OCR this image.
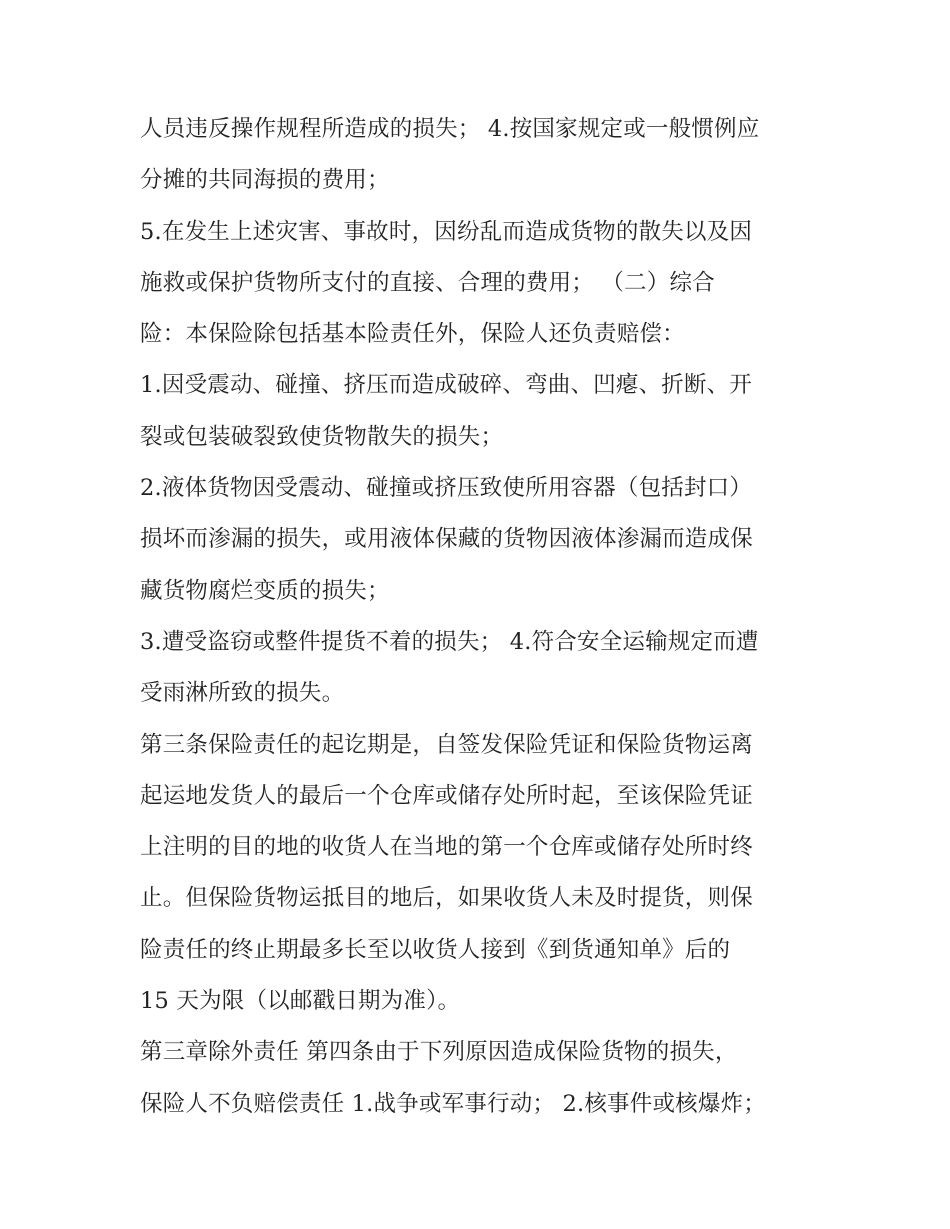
人员违反操作规程所造成的损失； 4.按国家规定或一般惯例应
分摊的共同海损的费用；
5.在发生上述灾害、事故时，因纷乱而造成货物的散失以及因
施救或保护货物所支付的直接、合理的费用； （二）综合
险：本保险除包括基本险责任外，保险人还负责赔偿：
1.因受震动、碰撞、挤压而造成破碎、弯曲、凹瘪、折断、开
裂或包装破裂致使货物散失的损失；
2.液体货物因受震动、碰撞或挤压致使所用容器（包括封口）
损坏而渗漏的损失，或用液体保藏的货物因液体渗漏而造成保
藏货物腐烂变质的损失；
3.遭受盗窃或整件提货不着的损失； 4.符合安全运输规定而遭
受雨淋所致的损失。
第三条保险责任的起讫期是，自签发保险凭证和保险货物运离
起运地发货人的最后一个仓库或储存处所时起，至该保险凭证
上注明的目的地的收货人在当地的第一个仓库或储存处所时终
止。但保险货物运抵目的地后，如果收货人未及时提货，则保
险责任的终止期最多长至以收货人接到《到货通知单》后的
15 天为限（以邮戳日期为准）。
第三章除外责任 第四条由于下列原因造成保险货物的损失，
保险人不负赔偿责任 1.战争或军事行动； 2.核事件或核爆炸；
